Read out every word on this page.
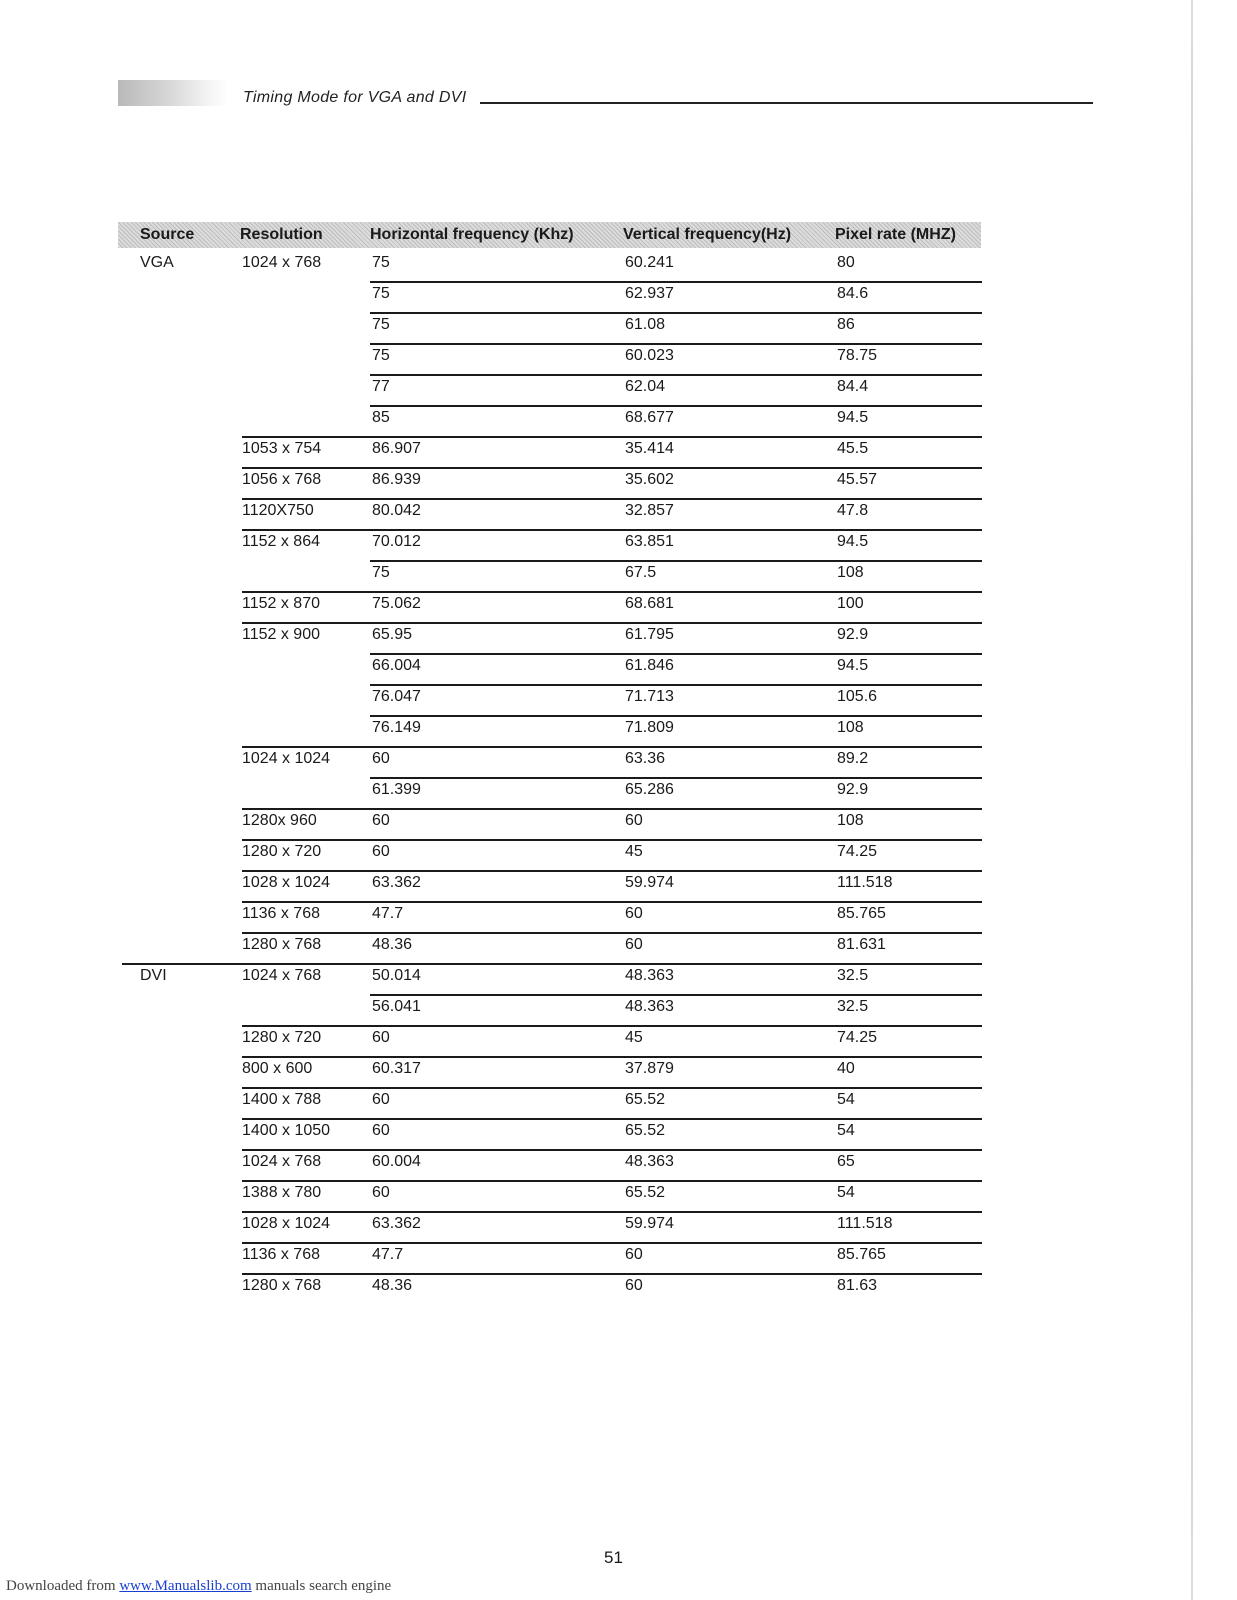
Timing Mode for VGA and DVI
Source	Resolution	Horizontal frequency (Khz)	Vertical frequency(Hz)	Pixel rate (MHZ)
VGA	1024 x 768	75	60.241	80
75	62.937	84.6
75	61.08	86
75	60.023	78.75
77	62.04	84.4
85	68.677	94.5
1053 x 754	86.907	35.414	45.5
1056 x 768	86.939	35.602	45.57
1120X750	80.042	32.857	47.8
1152 x 864	70.012	63.851	94.5
75	67.5	108
1152 x 870	75.062	68.681	100
1152 x 900	65.95	61.795	92.9
66.004	61.846	94.5
76.047	71.713	105.6
76.149	71.809	108
1024 x 1024	60	63.36	89.2
61.399	65.286	92.9
1280x 960	60	60	108
1280 x 720	60	45	74.25
1028 x 1024	63.362	59.974	111.518
1136 x 768	47.7	60	85.765
1280 x 768	48.36	60	81.631
DVI	1024 x 768	50.014	48.363	32.5
56.041	48.363	32.5
1280 x 720	60	45	74.25
800 x 600	60.317	37.879	40
1400 x 788	60	65.52	54
1400 x 1050	60	65.52	54
1024 x 768	60.004	48.363	65
1388 x 780	60	65.52	54
1028 x 1024	63.362	59.974	111.518
1136 x 768	47.7	60	85.765
1280 x 768	48.36	60	81.63
51
Downloaded from www.Manualslib.com manuals search engine
